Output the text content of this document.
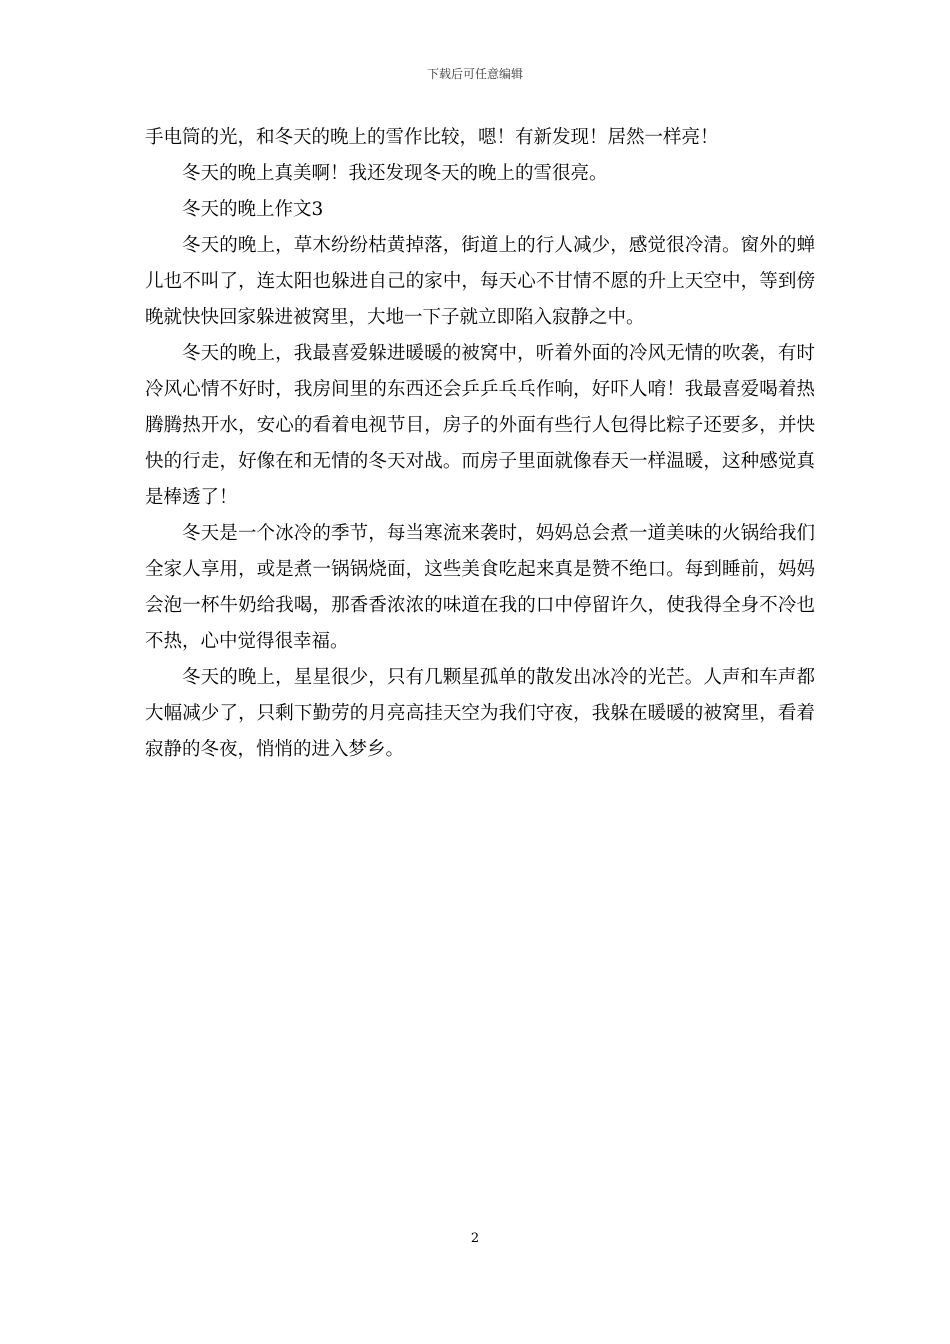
下载后可任意编辑

手电筒的光，和冬天的晚上的雪作比较，嗯！有新发现！居然一样亮！

冬天的晚上真美啊！我还发现冬天的晚上的雪很亮。

冬天的晚上作文3

冬天的晚上，草木纷纷枯黄掉落，街道上的行人减少，感觉很冷清。窗外的蝉儿也不叫了，连太阳也躲进自己的家中，每天心不甘情不愿的升上天空中，等到傍晚就快快回家躲进被窝里，大地一下子就立即陷入寂静之中。

冬天的晚上，我最喜爱躲进暖暖的被窝中，听着外面的冷风无情的吹袭，有时冷风心情不好时，我房间里的东西还会乒乒乓乓作响，好吓人唷！我最喜爱喝着热腾腾热开水，安心的看着电视节目，房子的外面有些行人包得比粽子还要多，并快快的行走，好像在和无情的冬天对战。而房子里面就像春天一样温暖，这种感觉真是棒透了！

冬天是一个冰冷的季节，每当寒流来袭时，妈妈总会煮一道美味的火锅给我们全家人享用，或是煮一锅锅烧面，这些美食吃起来真是赞不绝口。每到睡前，妈妈会泡一杯牛奶给我喝，那香香浓浓的味道在我的口中停留许久，使我得全身不冷也不热，心中觉得很幸福。

冬天的晚上，星星很少，只有几颗星孤单的散发出冰冷的光芒。人声和车声都大幅减少了，只剩下勤劳的月亮高挂天空为我们守夜，我躲在暖暖的被窝里，看着寂静的冬夜，悄悄的进入梦乡。

2
